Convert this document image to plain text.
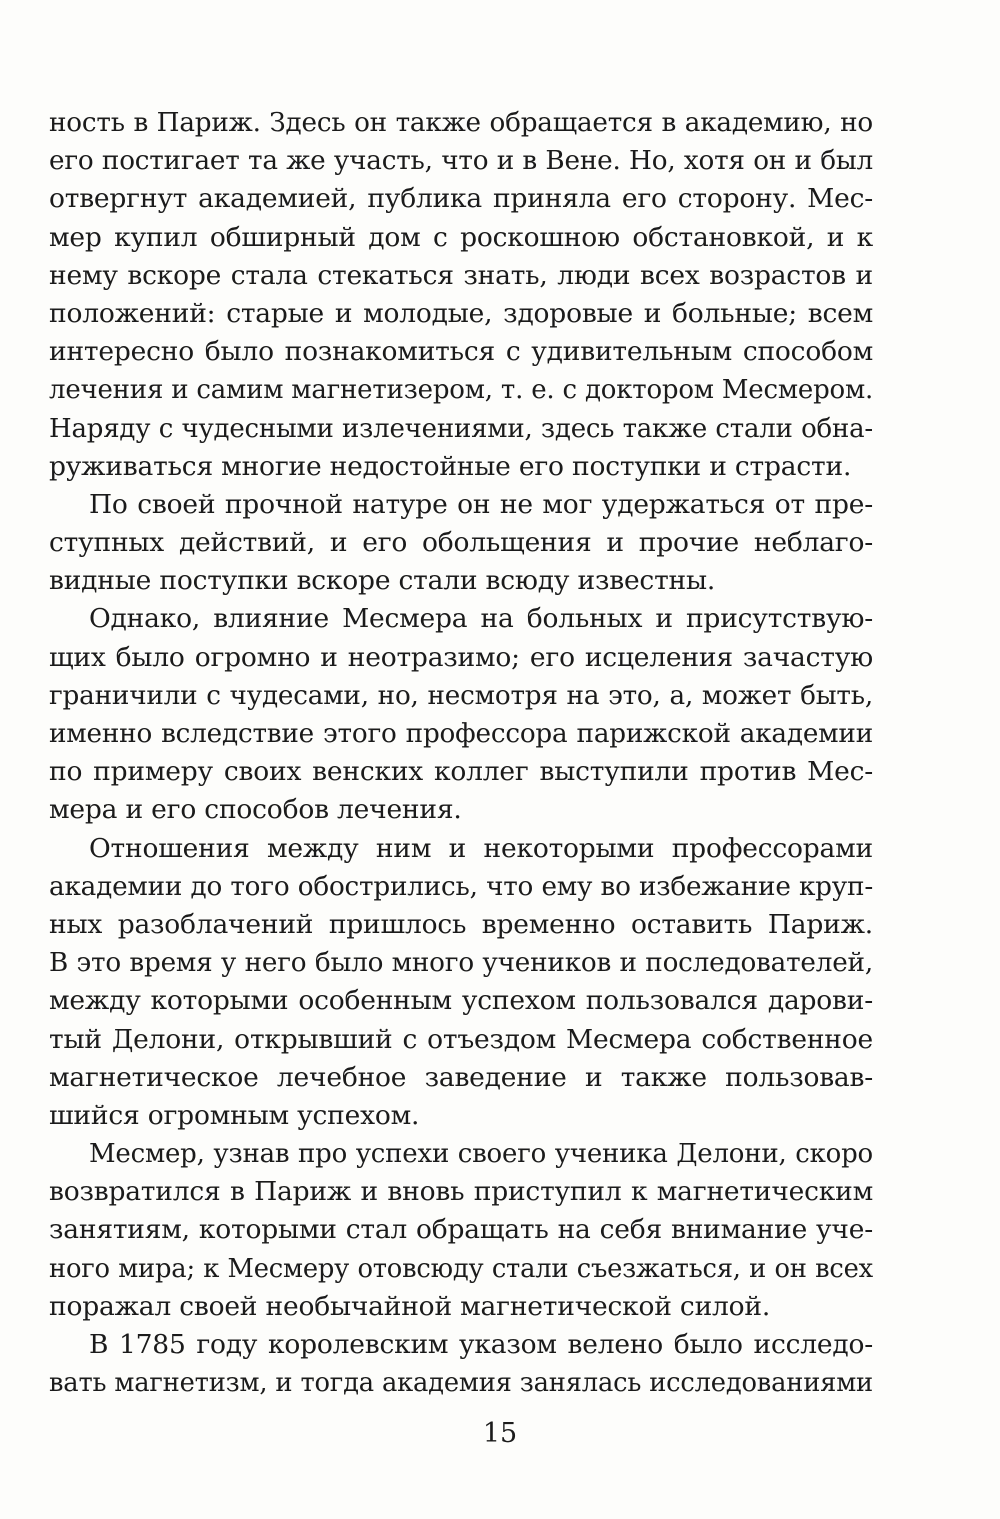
ность в Париж. Здесь он также обращается в академию, но
его постигает та же участь, что и в Вене. Но, хотя он и был
отвергнут академией, публика приняла его сторону. Мес-
мер купил обширный дом с роскошною обстановкой, и к
нему вскоре стала стекаться знать, люди всех возрастов и
положений: старые и молодые, здоровые и больные; всем
интересно было познакомиться с удивительным способом
лечения и самим магнетизером, т. е. с доктором Месмером.
Наряду с чудесными излечениями, здесь также стали обна-
руживаться многие недостойные его поступки и страсти.
По своей прочной натуре он не мог удержаться от пре-
ступных действий, и его обольщения и прочие неблаго-
видные поступки вскоре стали всюду известны.
Однако, влияние Месмера на больных и присутствую-
щих было огромно и неотразимо; его исцеления зачастую
граничили с чудесами, но, несмотря на это, а, может быть,
именно вследствие этого профессора парижской академии
по примеру своих венских коллег выступили против Мес-
мера и его способов лечения.
Отношения между ним и некоторыми профессорами
академии до того обострились, что ему во избежание круп-
ных разоблачений пришлось временно оставить Париж.
В это время у него было много учеников и последователей,
между которыми особенным успехом пользовался дарови-
тый Делони, открывший с отъездом Месмера собственное
магнетическое лечебное заведение и также пользовав-
шийся огромным успехом.
Месмер, узнав про успехи своего ученика Делони, скоро
возвратился в Париж и вновь приступил к магнетическим
занятиям, которыми стал обращать на себя внимание уче-
ного мира; к Месмеру отовсюду стали съезжаться, и он всех
поражал своей необычайной магнетической силой.
В 1785 году королевским указом велено было исследо-
вать магнетизм, и тогда академия занялась исследованиями
15
